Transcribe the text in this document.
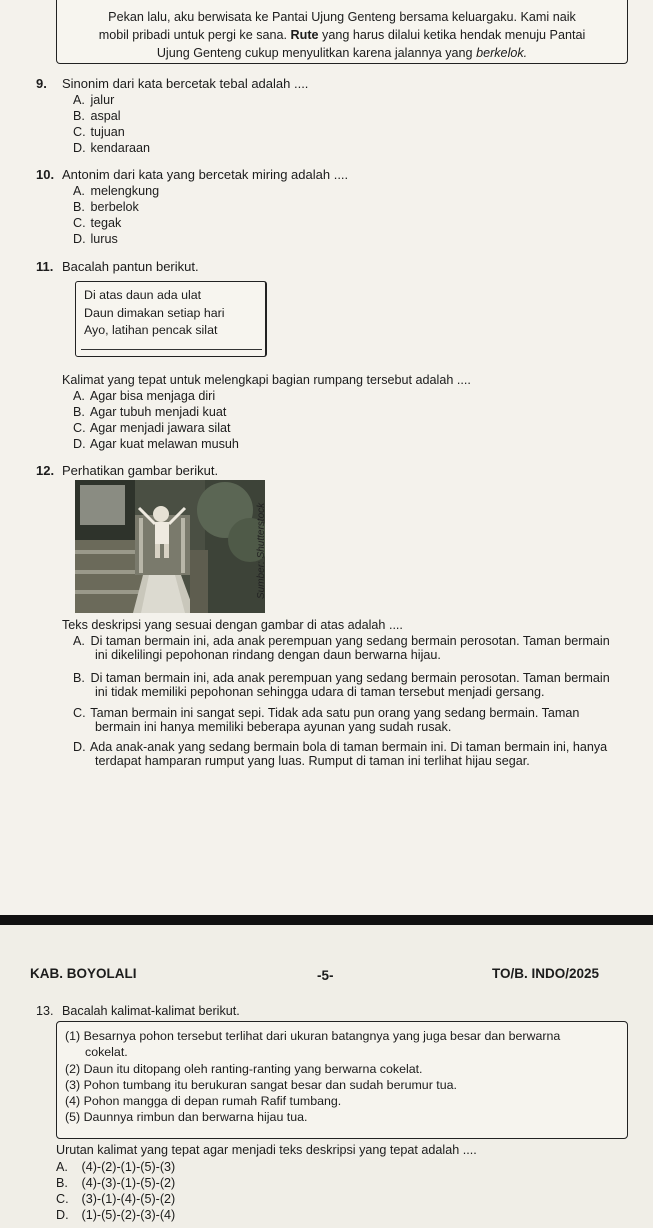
Pekan lalu, aku berwisata ke Pantai Ujung Genteng bersama keluargaku. Kami naik
mobil pribadi untuk pergi ke sana. Rute yang harus dilalui ketika hendak menuju Pantai
Ujung Genteng cukup menyulitkan karena jalannya yang berkelok.
9. Sinonim dari kata bercetak tebal adalah ....
A. jalur
B. aspal
C. tujuan
D. kendaraan
10. Antonim dari kata yang bercetak miring adalah ....
A. melengkung
B. berbelok
C. tegak
D. lurus
11. Bacalah pantun berikut.
Di atas daun ada ulat
Daun dimakan setiap hari
Ayo, latihan pencak silat
Kalimat yang tepat untuk melengkapi bagian rumpang tersebut adalah ....
A. Agar bisa menjaga diri
B. Agar tubuh menjadi kuat
C. Agar menjadi jawara silat
D. Agar kuat melawan musuh
12. Perhatikan gambar berikut.
Sumber: Shutterstock
Teks deskripsi yang sesuai dengan gambar di atas adalah ....
A. Di taman bermain ini, ada anak perempuan yang sedang bermain perosotan. Taman bermain
ini dikelilingi pepohonan rindang dengan daun berwarna hijau.
B. Di taman bermain ini, ada anak perempuan yang sedang bermain perosotan. Taman bermain
ini tidak memiliki pepohonan sehingga udara di taman tersebut menjadi gersang.
C. Taman bermain ini sangat sepi. Tidak ada satu pun orang yang sedang bermain. Taman
bermain ini hanya memiliki beberapa ayunan yang sudah rusak.
D. Ada anak-anak yang sedang bermain bola di taman bermain ini. Di taman bermain ini, hanya
terdapat hamparan rumput yang luas. Rumput di taman ini terlihat hijau segar.
KAB. BOYOLALI	-5-	TO/B. INDO/2025
13. Bacalah kalimat-kalimat berikut.
(1) Besarnya pohon tersebut terlihat dari ukuran batangnya yang juga besar dan berwarna
cokelat.
(2) Daun itu ditopang oleh ranting-ranting yang berwarna cokelat.
(3) Pohon tumbang itu berukuran sangat besar dan sudah berumur tua.
(4) Pohon mangga di depan rumah Rafif tumbang.
(5) Daunnya rimbun dan berwarna hijau tua.
Urutan kalimat yang tepat agar menjadi teks deskripsi yang tepat adalah ....
A. (4)-(2)-(1)-(5)-(3)
B. (4)-(3)-(1)-(5)-(2)
C. (3)-(1)-(4)-(5)-(2)
D. (1)-(5)-(2)-(3)-(4)
